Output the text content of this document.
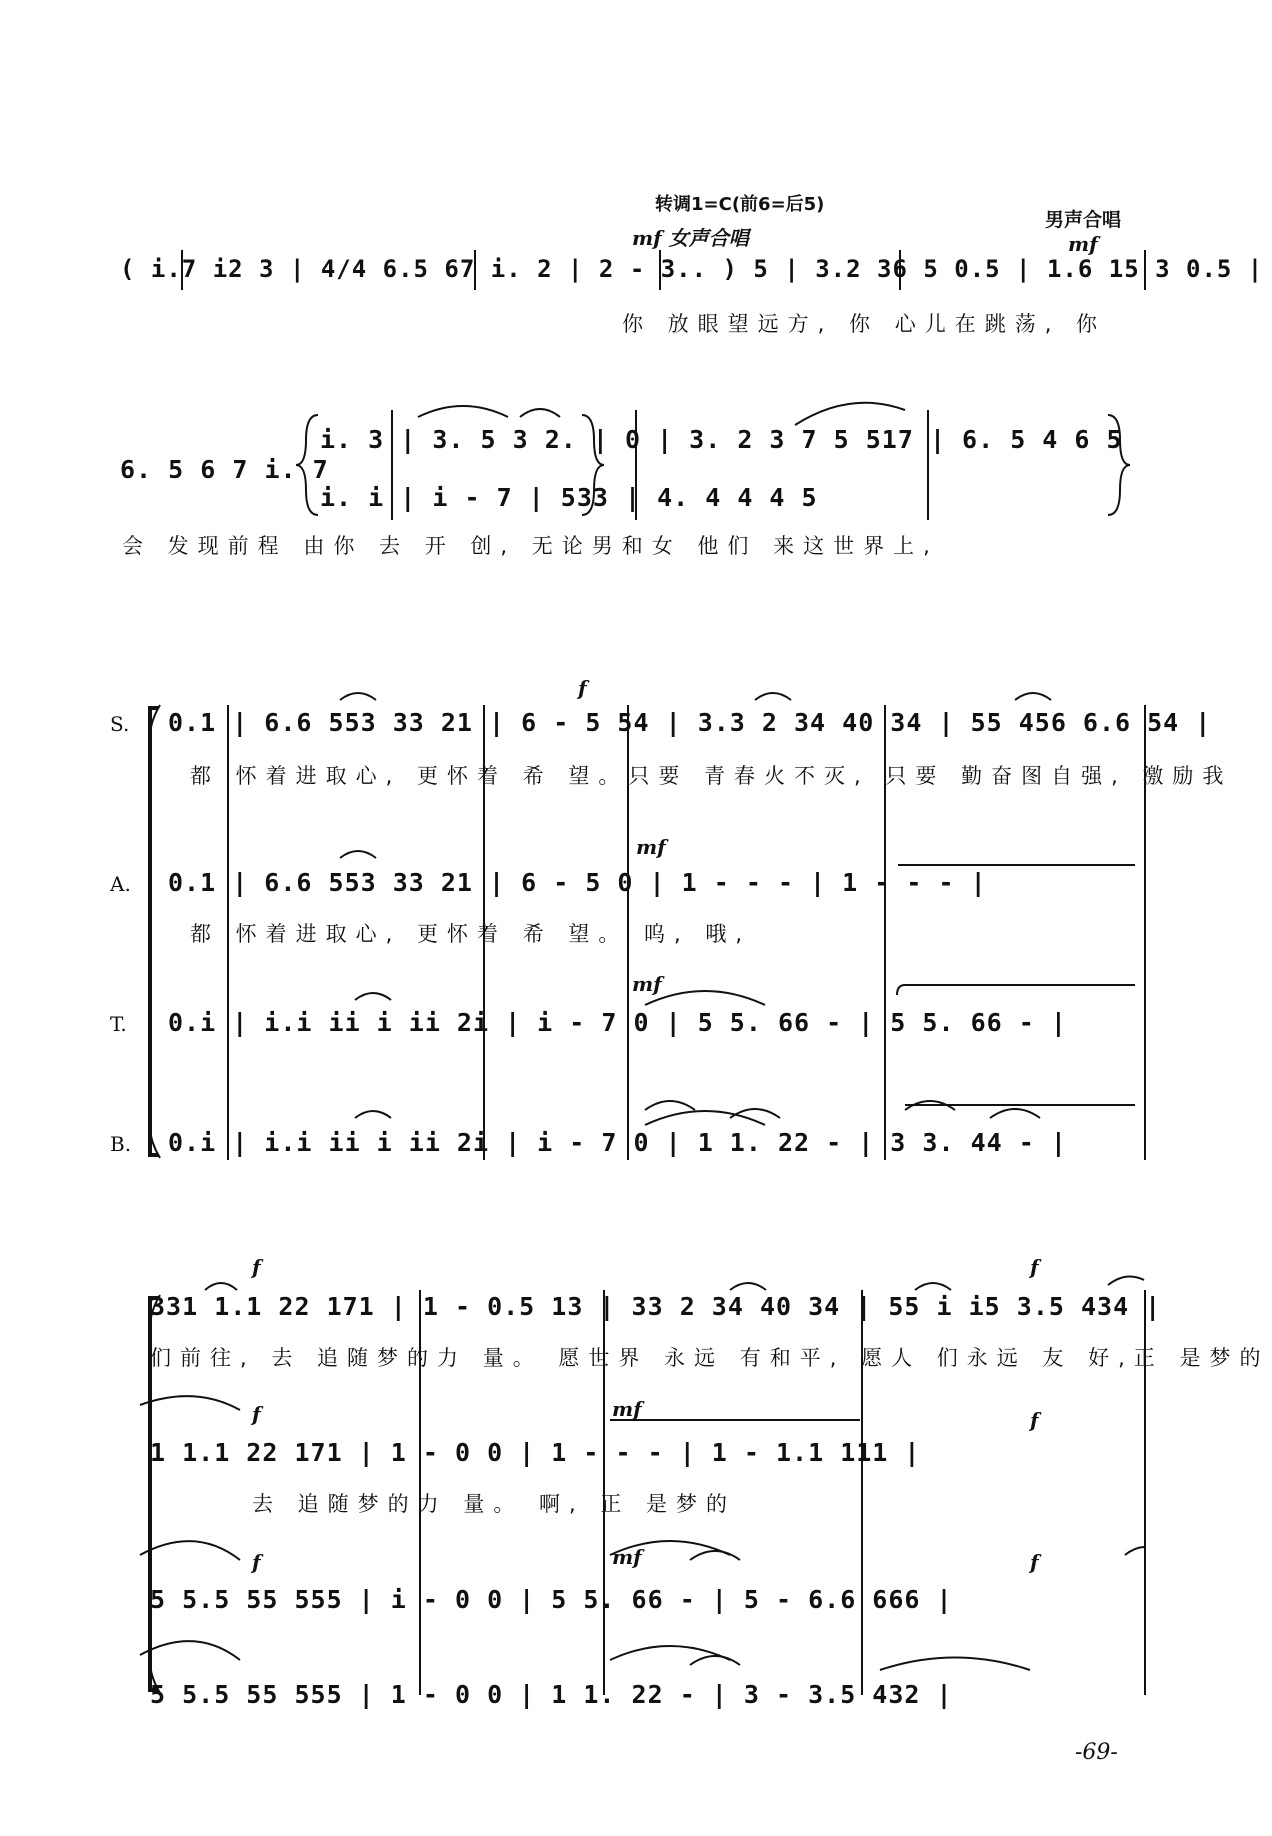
转调1=C(前6=后5)
mf 女声合唱
男声合唱
mf
( i.7 i2 3 | 4/4 6.5 67 i. 2 | 2 - 3.. ) 5 | 3.2 36 5 0.5 | 1.6 15 3 0.5 |
你 放眼望远方, 你 心儿在跳荡, 你
6. 5 6 7 i. 7
i. 3 | 3. 5 3 2. | 0 | 3. 2 3 7 5 517 | 6. 5 4 6 5
i. i | i - 7 | 533 | 4. 4 4 4 5
会 发现前程 由你 去 开 创, 无论男和女 他们 来这世界上,
S.
f
0.1 | 6.6 553 33 21 | 6 - 5 54 | 3.3 2 34 40 34 | 55 456 6.6 54 |
都 怀着进取心, 更怀着 希 望。只要 青春火不灭, 只要 勤奋图自强, 激励我
A.
mf
0.1 | 6.6 553 33 21 | 6 - 5 0 | 1 - - - | 1 - - - |
都 怀着进取心, 更怀着 希 望。 呜, 哦,
T.
mf
0.i | i.i ii i ii 2i | i - 7 0 | 5 5. 66 - | 5 5. 66 - |
B. 0.i | i.i ii i ii 2i | i - 7 0 | 1 1. 22 - | 3 3. 44 - |
f	f
331 1.1 22 171 | 1 - 0.5 13 | 33 2 34 40 34 | 55 i i5 3.5 434 |
们前往, 去 追随梦的力 量。 愿世界 永远 有和平, 愿人 们永远 友 好,正 是梦的
f	mf	f
1 1.1 22 171 | 1 - 0 0 | 1 - - - | 1 - 1.1 111 |
去 追随梦的力 量。 啊, 正 是梦的
f	mf	f
5 5.5 55 555 | i - 0 0 | 5 5. 66 - | 5 - 6.6 666 |
5 5.5 55 555 | 1 - 0 0 | 1 1. 22 - | 3 - 3.5 432 |
-69-
